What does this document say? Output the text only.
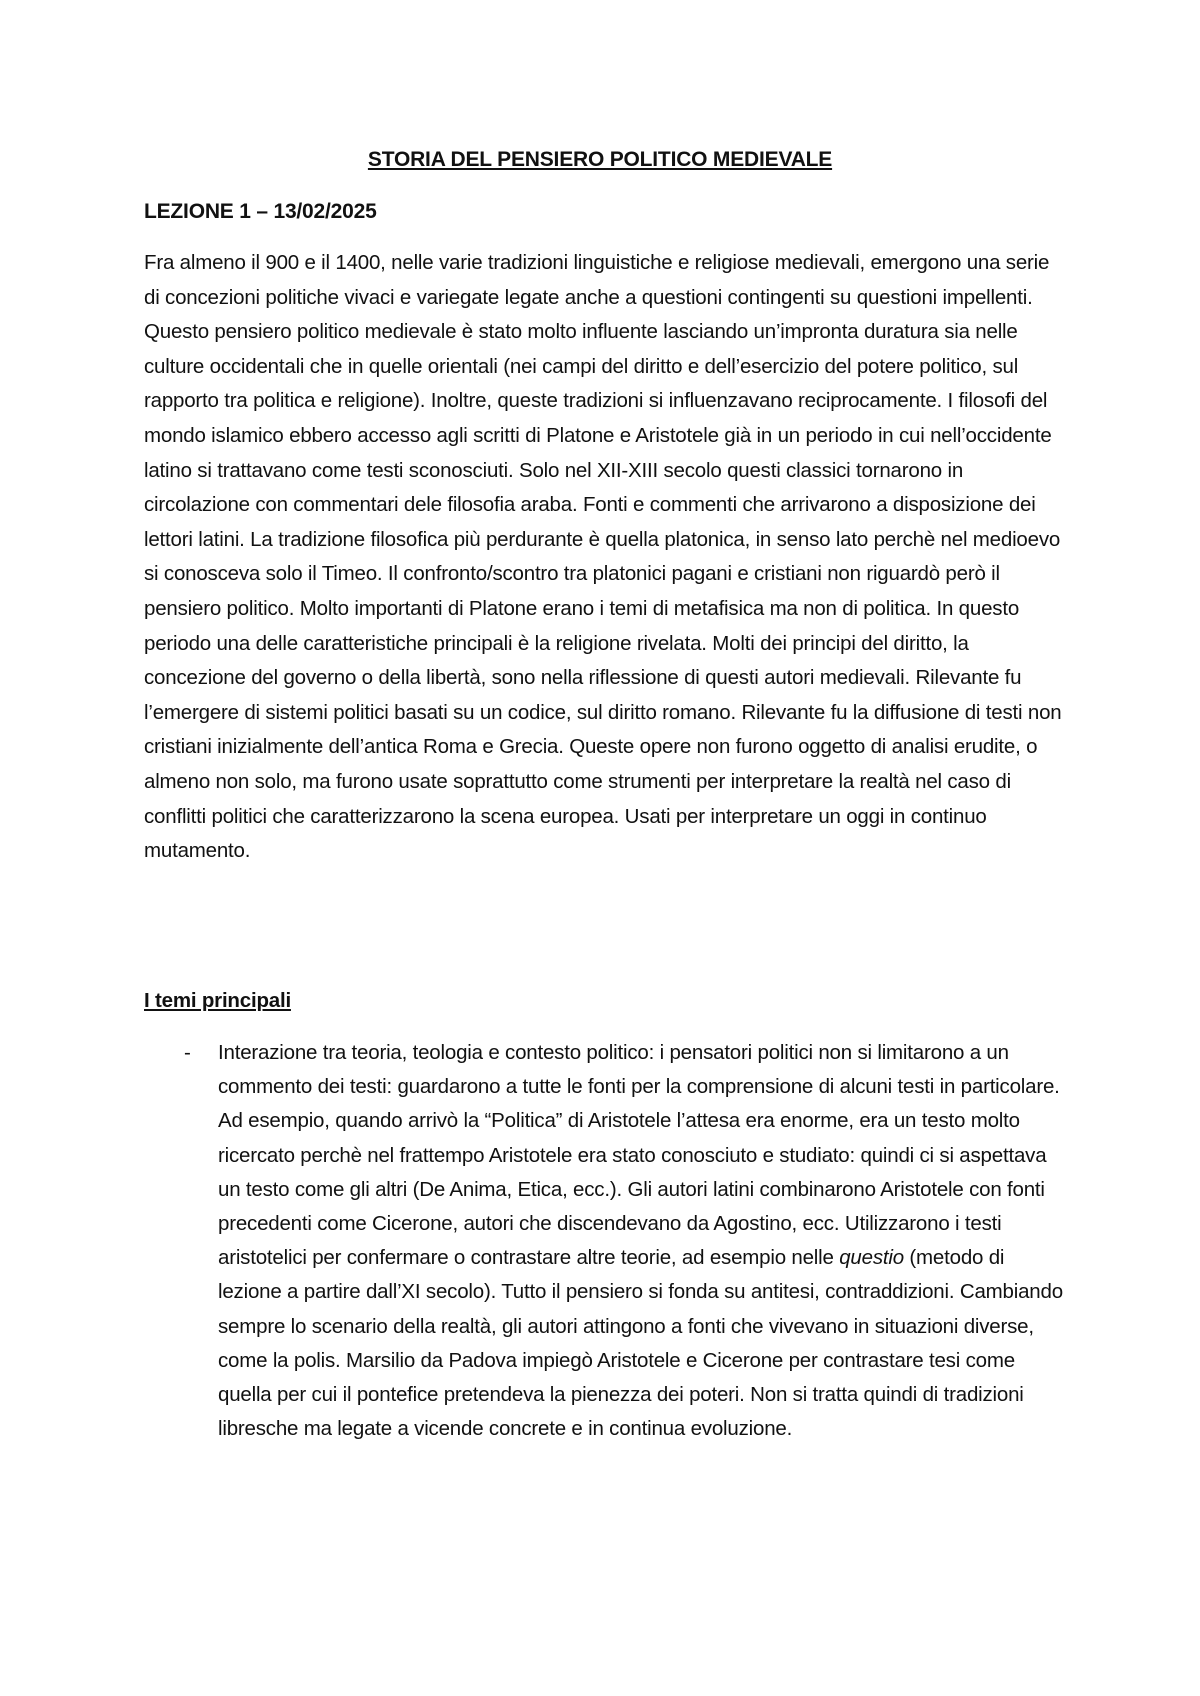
STORIA DEL PENSIERO POLITICO MEDIEVALE
LEZIONE 1 – 13/02/2025

Fra almeno il 900 e il 1400, nelle varie tradizioni linguistiche e religiose medievali, emergono una serie di concezioni politiche vivaci e variegate legate anche a questioni contingenti su questioni impellenti. Questo pensiero politico medievale è stato molto influente lasciando un’impronta duratura sia nelle culture occidentali che in quelle orientali (nei campi del diritto e dell’esercizio del potere politico, sul rapporto tra politica e religione). Inoltre, queste tradizioni si influenzavano reciprocamente. I filosofi del mondo islamico ebbero accesso agli scritti di Platone e Aristotele già in un periodo in cui nell’occidente latino si trattavano come testi sconosciuti. Solo nel XII-XIII secolo questi classici tornarono in circolazione con commentari dele filosofia araba. Fonti e commenti che arrivarono a disposizione dei lettori latini. La tradizione filosofica più perdurante è quella platonica, in senso lato perchè nel medioevo si conosceva solo il Timeo. Il confronto/scontro tra platonici pagani e cristiani non riguardò però il pensiero politico. Molto importanti di Platone erano i temi di metafisica ma non di politica. In questo periodo una delle caratteristiche principali è la religione rivelata. Molti dei principi del diritto, la concezione del governo o della libertà, sono nella riflessione di questi autori medievali. Rilevante fu l’emergere di sistemi politici basati su un codice, sul diritto romano. Rilevante fu la diffusione di testi non cristiani inizialmente dell’antica Roma e Grecia. Queste opere non furono oggetto di analisi erudite, o almeno non solo, ma furono usate soprattutto come strumenti per interpretare la realtà nel caso di conflitti politici che caratterizzarono la scena europea. Usati per interpretare un oggi in continuo mutamento.

I temi principali
- Interazione tra teoria, teologia e contesto politico: i pensatori politici non si limitarono a un commento dei testi: guardarono a tutte le fonti per la comprensione di alcuni testi in particolare. Ad esempio, quando arrivò la “Politica” di Aristotele l’attesa era enorme, era un testo molto ricercato perchè nel frattempo Aristotele era stato conosciuto e studiato: quindi ci si aspettava un testo come gli altri (De Anima, Etica, ecc.). Gli autori latini combinarono Aristotele con fonti precedenti come Cicerone, autori che discendevano da Agostino, ecc. Utilizzarono i testi aristotelici per confermare o contrastare altre teorie, ad esempio nelle questio (metodo di lezione a partire dall’XI secolo). Tutto il pensiero si fonda su antitesi, contraddizioni. Cambiando sempre lo scenario della realtà, gli autori attingono a fonti che vivevano in situazioni diverse, come la polis. Marsilio da Padova impiegò Aristotele e Cicerone per contrastare tesi come quella per cui il pontefice pretendeva la pienezza dei poteri. Non si tratta quindi di tradizioni libresche ma legate a vicende concrete e in continua evoluzione.
